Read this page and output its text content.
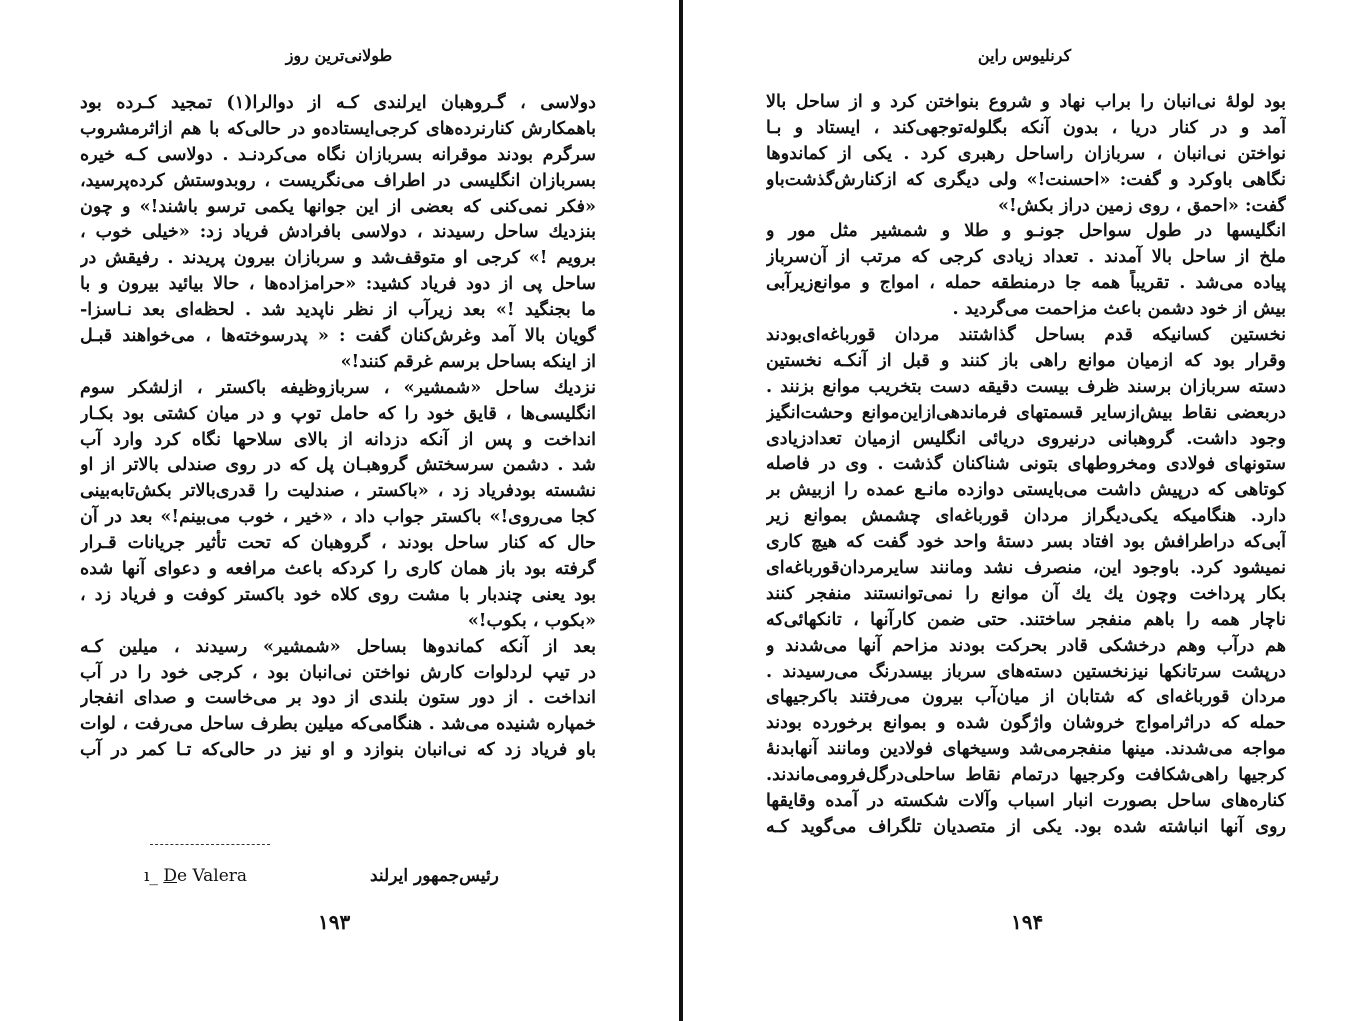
طولانی‌ترین روز
دولاسی ، گـروهبان ایرلندی کـه از دوالرا(۱) تمجید کـرده بود
باهمکارش کنارنرده‌های کرجی‌ایستاده‌و در حالی‌که با هم ازاثرمشروب
سرگرم بودند موقرانه بسربازان نگاه می‌کردنـد . دولاسی کـه خیره
بسربازان انگلیسی در اطراف می‌نگریست ، روبدوستش کرده‌پرسید،
«فکر نمی‌کنی که بعضی از این جوانها یکمی ترسو باشند!» و چون
بنزدیك ساحل رسیدند ، دولاسی بافرادش فریاد زد: «خیلی خوب ،
برویم !» کرجی او متوقف‌شد و سربازان بیرون پریدند . رفیقش در
ساحل پی از دود فریاد کشید: «حرامزاده‌ها ، حالا بیائید بیرون و با
ما بجنگید !» بعد زیرآب از نظر ناپدید شد . لحظه‌ای بعد نـاسزا-
گویان بالا آمد وغرش‌کنان گفت : « پدرسوخته‌ها ، می‌خواهند قبـل
از اینکه بساحل برسم غرقم کنند!»
نزدیك ساحل «شمشیر» ، سربازوظیفه باکستر ، ازلشکر سوم
انگلیسی‌ها ، قایق خود را که حامل توپ و در میان کشتی بود بکـار
انداخت و پس از آنکه دزدانه از بالای سلاحها نگاه کرد وارد آب
شد . دشمن سرسختش گروهبـان پل که در روی صندلی بالاتر از او
نشسته بودفریاد زد ، «باکستر ، صندلیت را قدری‌بالاتر بکش‌تابه‌بینی
کجا می‌روی!» باکستر جواب داد ، «خیر ، خوب می‌بینم!» بعد در آن
حال که کنار ساحل بودند ، گروهبان که تحت تأثیر جریانات قـرار
گرفته بود باز همان کاری را کردکه باعث مرافعه و دعوای آنها شده
بود یعنی چندبار با مشت روی کلاه خود باکستر کوفت و فریاد زد ،
«بکوب ، بکوب!»
بعد از آنکه کماندوها بساحل «شمشیر» رسیدند ، میلین کـه
در تیپ لردلوات کارش نواختن نی‌انبان بود ، کرجی خود را در آب
انداخت . از دور ستون بلندی از دود بر می‌خاست و صدای انفجار
خمپاره شنیده می‌شد . هنگامی‌که میلین بطرف ساحل می‌رفت ، لوات
باو فریاد زد که نی‌انبان بنوازد و او نیز در حالی‌که تـا کمر در آب
ı_ De Valera	رئیس‌جمهور ایرلند
۱۹۳
کرنلیوس راین
بود لولهٔ نی‌انبان را براب نهاد و شروع بنواختن کرد و از ساحل بالا
آمد و در کنار دریا ، بدون آنکه بگلوله‌توجهی‌کند ، ایستاد و بـا
نواختن نی‌انبان ، سربازان راساحل رهبری کرد . یکی از کماندوها
نگاهی باوکرد و گفت: «احسنت!» ولی دیگری که ازکنارش‌گذشت‌باو
گفت: «احمق ، روی زمین دراز بکش!»
انگلیسها در طول سواحل جونـو و طلا و شمشیر مثل مور و
ملخ از ساحل بالا آمدند . تعداد زیادی کرجی که مرتب از آن‌سرباز
پیاده می‌شد . تقریباً همه جا درمنطقه حمله ، امواج و موانع‌زیرآبی
بیش از خود دشمن باعث مزاحمت می‌گردید .
نخستین کسانیکه قدم بساحل گذاشتند مردان قورباغه‌ای‌بودند
وقرار بود که ازمیان موانع راهی باز کنند و قبل از آنکـه نخستین
دسته سربازان برسند ظرف بیست دقیقه دست بتخریب موانع بزنند .
دربعضی نقاط بیش‌ازسایر قسمتهای فرماندهی‌ازاین‌موانع وحشت‌انگیز
وجود داشت. گروهبانی درنیروی دریائی انگلیس ازمیان تعدادزیادی
ستونهای فولادی ومخروطهای بتونی شناکنان گذشت . وی در فاصله
کوتاهی که درپیش داشت می‌بایستی دوازده مانـع عمده را ازبیش بر
دارد. هنگامیکه یکی‌دیگراز مردان قورباغه‌ای چشمش بموانع زیر
آبی‌که دراطرافش بود افتاد بسر دستهٔ واحد خود گفت که هیچ کاری
نمیشود کرد. باوجود این، منصرف نشد ومانند سایرمردان‌قورباغه‌ای
بکار پرداخت وچون یك یك آن موانع را نمی‌توانستند منفجر کنند
ناچار همه را باهم منفجر ساختند. حتی ضمن کارآنها ، تانکهائی‌که
هم درآب وهم درخشکی قادر بحرکت بودند مزاحم آنها می‌شدند و
درپشت سرتانکها نیزنخستین دسته‌های سرباز بیسدرنگ می‌رسیدند .
مردان قورباغه‌ای که شتابان از میان‌آب بیرون می‌رفتند باکرجیهای
حمله که دراثرامواج خروشان واژگون شده و بموانع برخورده بودند
مواجه می‌شدند. مینها منفجرمی‌شد وسیخهای فولادین ومانند آنهابدنهٔ
کرجیها راهی‌شکافت وکرجیها درتمام نقاط ساحلی‌درگل‌فرومی‌ماندند.
کناره‌های ساحل بصورت انبار اسباب وآلات شکسته در آمده وقایقها
روی آنها انباشته شده بود. یکی از متصدیان تلگراف می‌گوید کـه
۱۹۴
